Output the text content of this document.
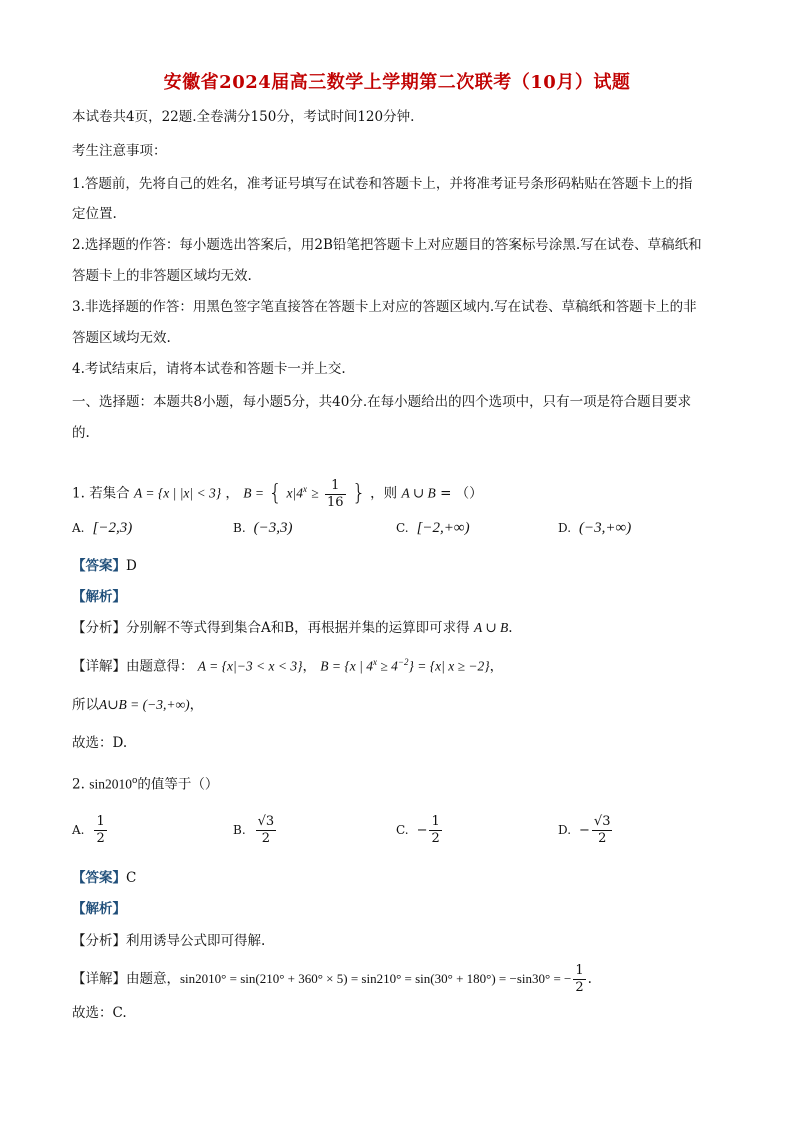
安徽省2024届高三数学上学期第二次联考（10月）试题
本试卷共4页，22题.全卷满分150分，考试时间120分钟.
考生注意事项：
1.答题前，先将自己的姓名，准考证号填写在试卷和答题卡上，并将准考证号条形码粘贴在答题卡上的指
定位置.
2.选择题的作答：每小题选出答案后，用2B铅笔把答题卡上对应题目的答案标号涂黑.写在试卷、草稿纸和
答题卡上的非答题区域均无效.
3.非选择题的作答：用黑色签字笔直接答在答题卡上对应的答题区域内.写在试卷、草稿纸和答题卡上的非
答题区域均无效.
4.考试结束后，请将本试卷和答题卡一并上交.
一、选择题：本题共8小题，每小题5分，共40分.在每小题给出的四个选项中，只有一项是符合题目要求
的.
1. 若集合 A = {x | |x| < 3} ， B = { $x|4^x \ge \frac{1}{16}$ } ，则 A ∪ B = （）
A. [−2,3)	B. (−3,3)	C. [−2,+∞)	D. (−3,+∞)
【答案】D
【解析】
【分析】分别解不等式得到集合A和B，再根据并集的运算即可求得 A ∪ B.
【详解】由题意得： A = {x|−3 < x < 3}， B = {x | $4^x \ge 4^{-2}\} = \{x|$ x ≥ −2}，
所以A∪B = (−3,+∞)，
故选：D.
2. sin2010$^o$的值等于（）
A. $\frac{1}{2}$	B. $\frac{√3}{2}$	C. − $\frac{1}{2}$	D. − $\frac{√3}{2}$
【答案】C
【解析】
【分析】利用诱导公式即可得解.
【详解】由题意，sin2010° = sin(210° + 360° × 5) = sin210° = sin(30° + 180°) = −sin30° = − $\frac{1}{2}$ .
故选：C.
